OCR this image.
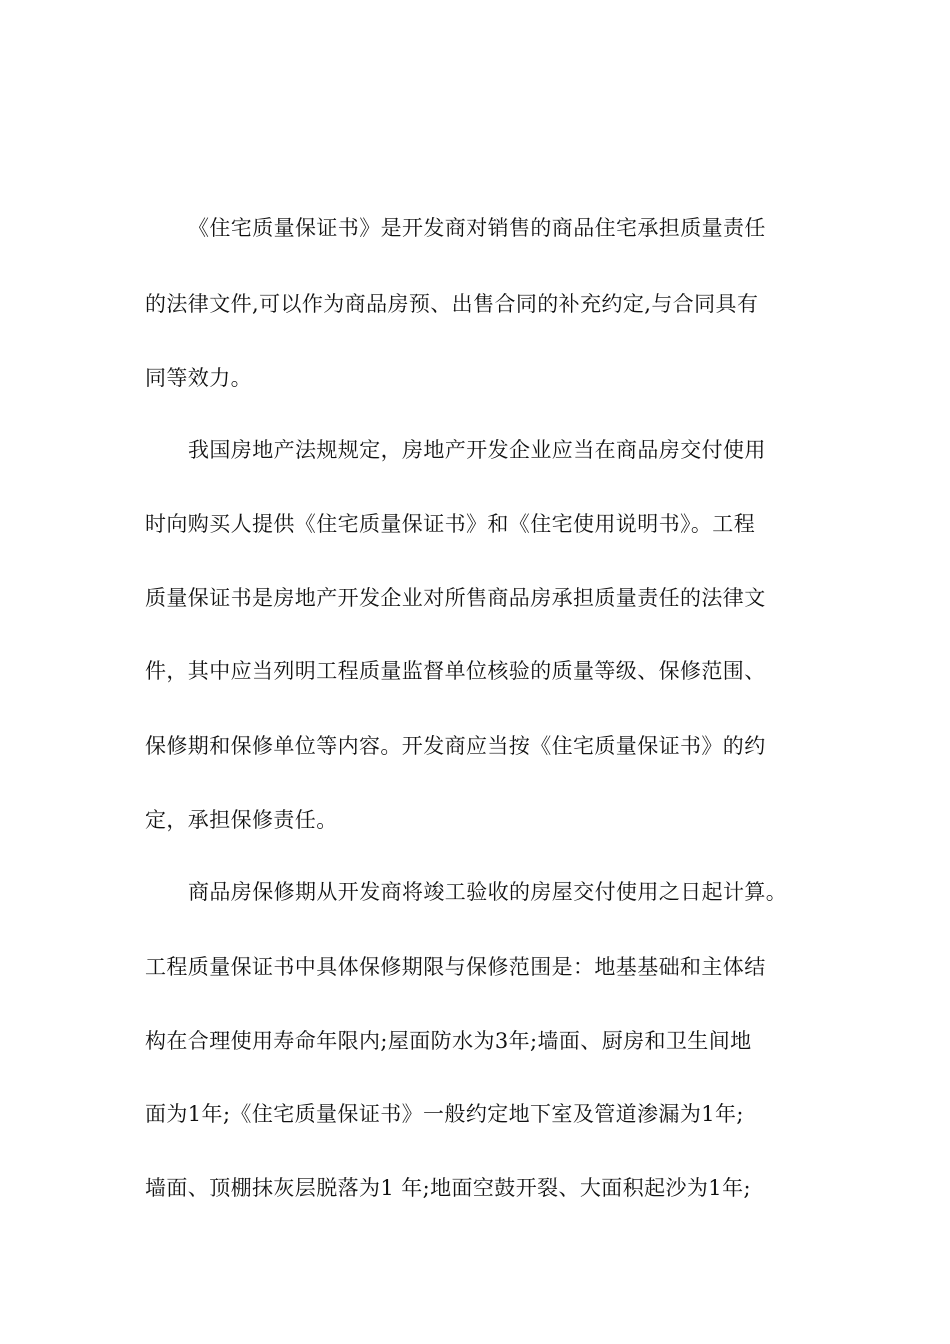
《住宅质量保证书》是开发商对销售的商品住宅承担质量责任
的法律文件,可以作为商品房预、出售合同的补充约定,与合同具有
同等效力。
我国房地产法规规定，房地产开发企业应当在商品房交付使用
时向购买人提供《住宅质量保证书》和《住宅使用说明书》。工程
质量保证书是房地产开发企业对所售商品房承担质量责任的法律文
件，其中应当列明工程质量监督单位核验的质量等级、保修范围、
保修期和保修单位等内容。开发商应当按《住宅质量保证书》的约
定，承担保修责任。
商品房保修期从开发商将竣工验收的房屋交付使用之日起计算。
工程质量保证书中具体保修期限与保修范围是：地基基础和主体结
构在合理使用寿命年限内;屋面防水为3年;墙面、厨房和卫生间地
面为1年;《住宅质量保证书》一般约定地下室及管道渗漏为1年;
墙面、顶棚抹灰层脱落为1 年;地面空鼓开裂、大面积起沙为1年;
